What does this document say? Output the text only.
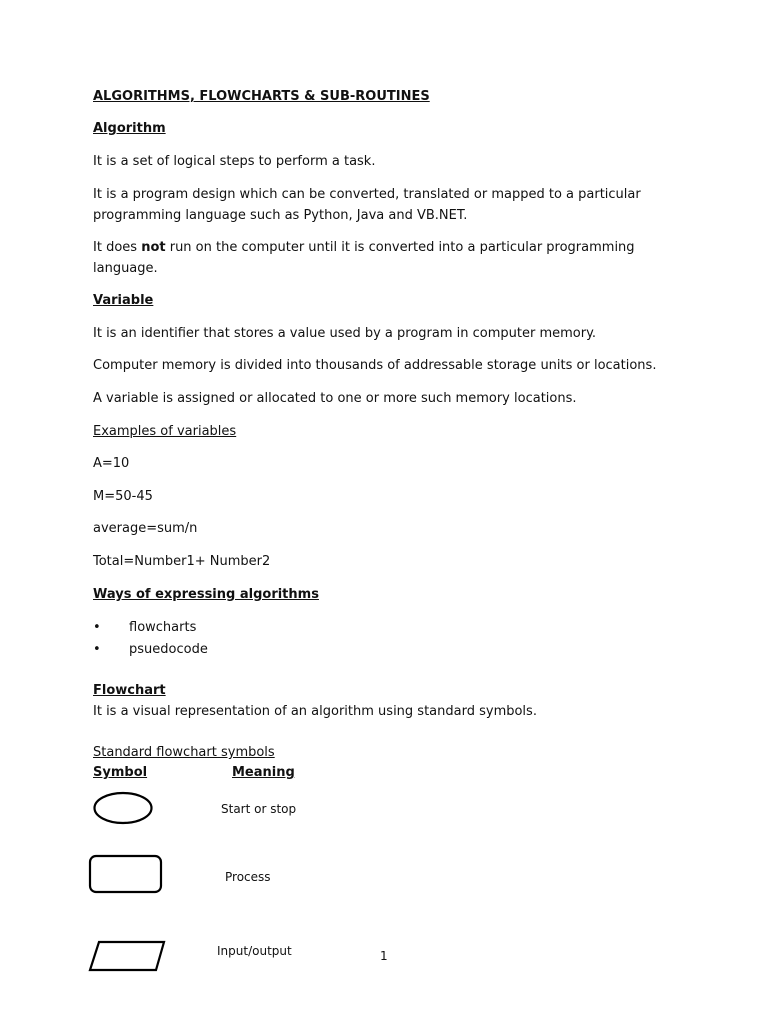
ALGORITHMS, FLOWCHARTS & SUB-ROUTINES
Algorithm
It is a set of logical steps to perform a task.
It is a program design which can be converted, translated or mapped to a particular
programming language such as Python, Java and VB.NET.
It does not run on the computer until it is converted into a particular programming
language.
Variable
It is an identifier that stores a value used by a program in computer memory.
Computer memory is divided into thousands of addressable storage units or locations.
A variable is assigned or allocated to one or more such memory locations.
Examples of variables
A=10
M=50-45
average=sum/n
Total=Number1+ Number2
Ways of expressing algorithms
• flowcharts
• psuedocode
Flowchart
It is a visual representation of an algorithm using standard symbols.
Standard flowchart symbols
Symbol	Meaning
Start or stop
Process
Input/output	1
